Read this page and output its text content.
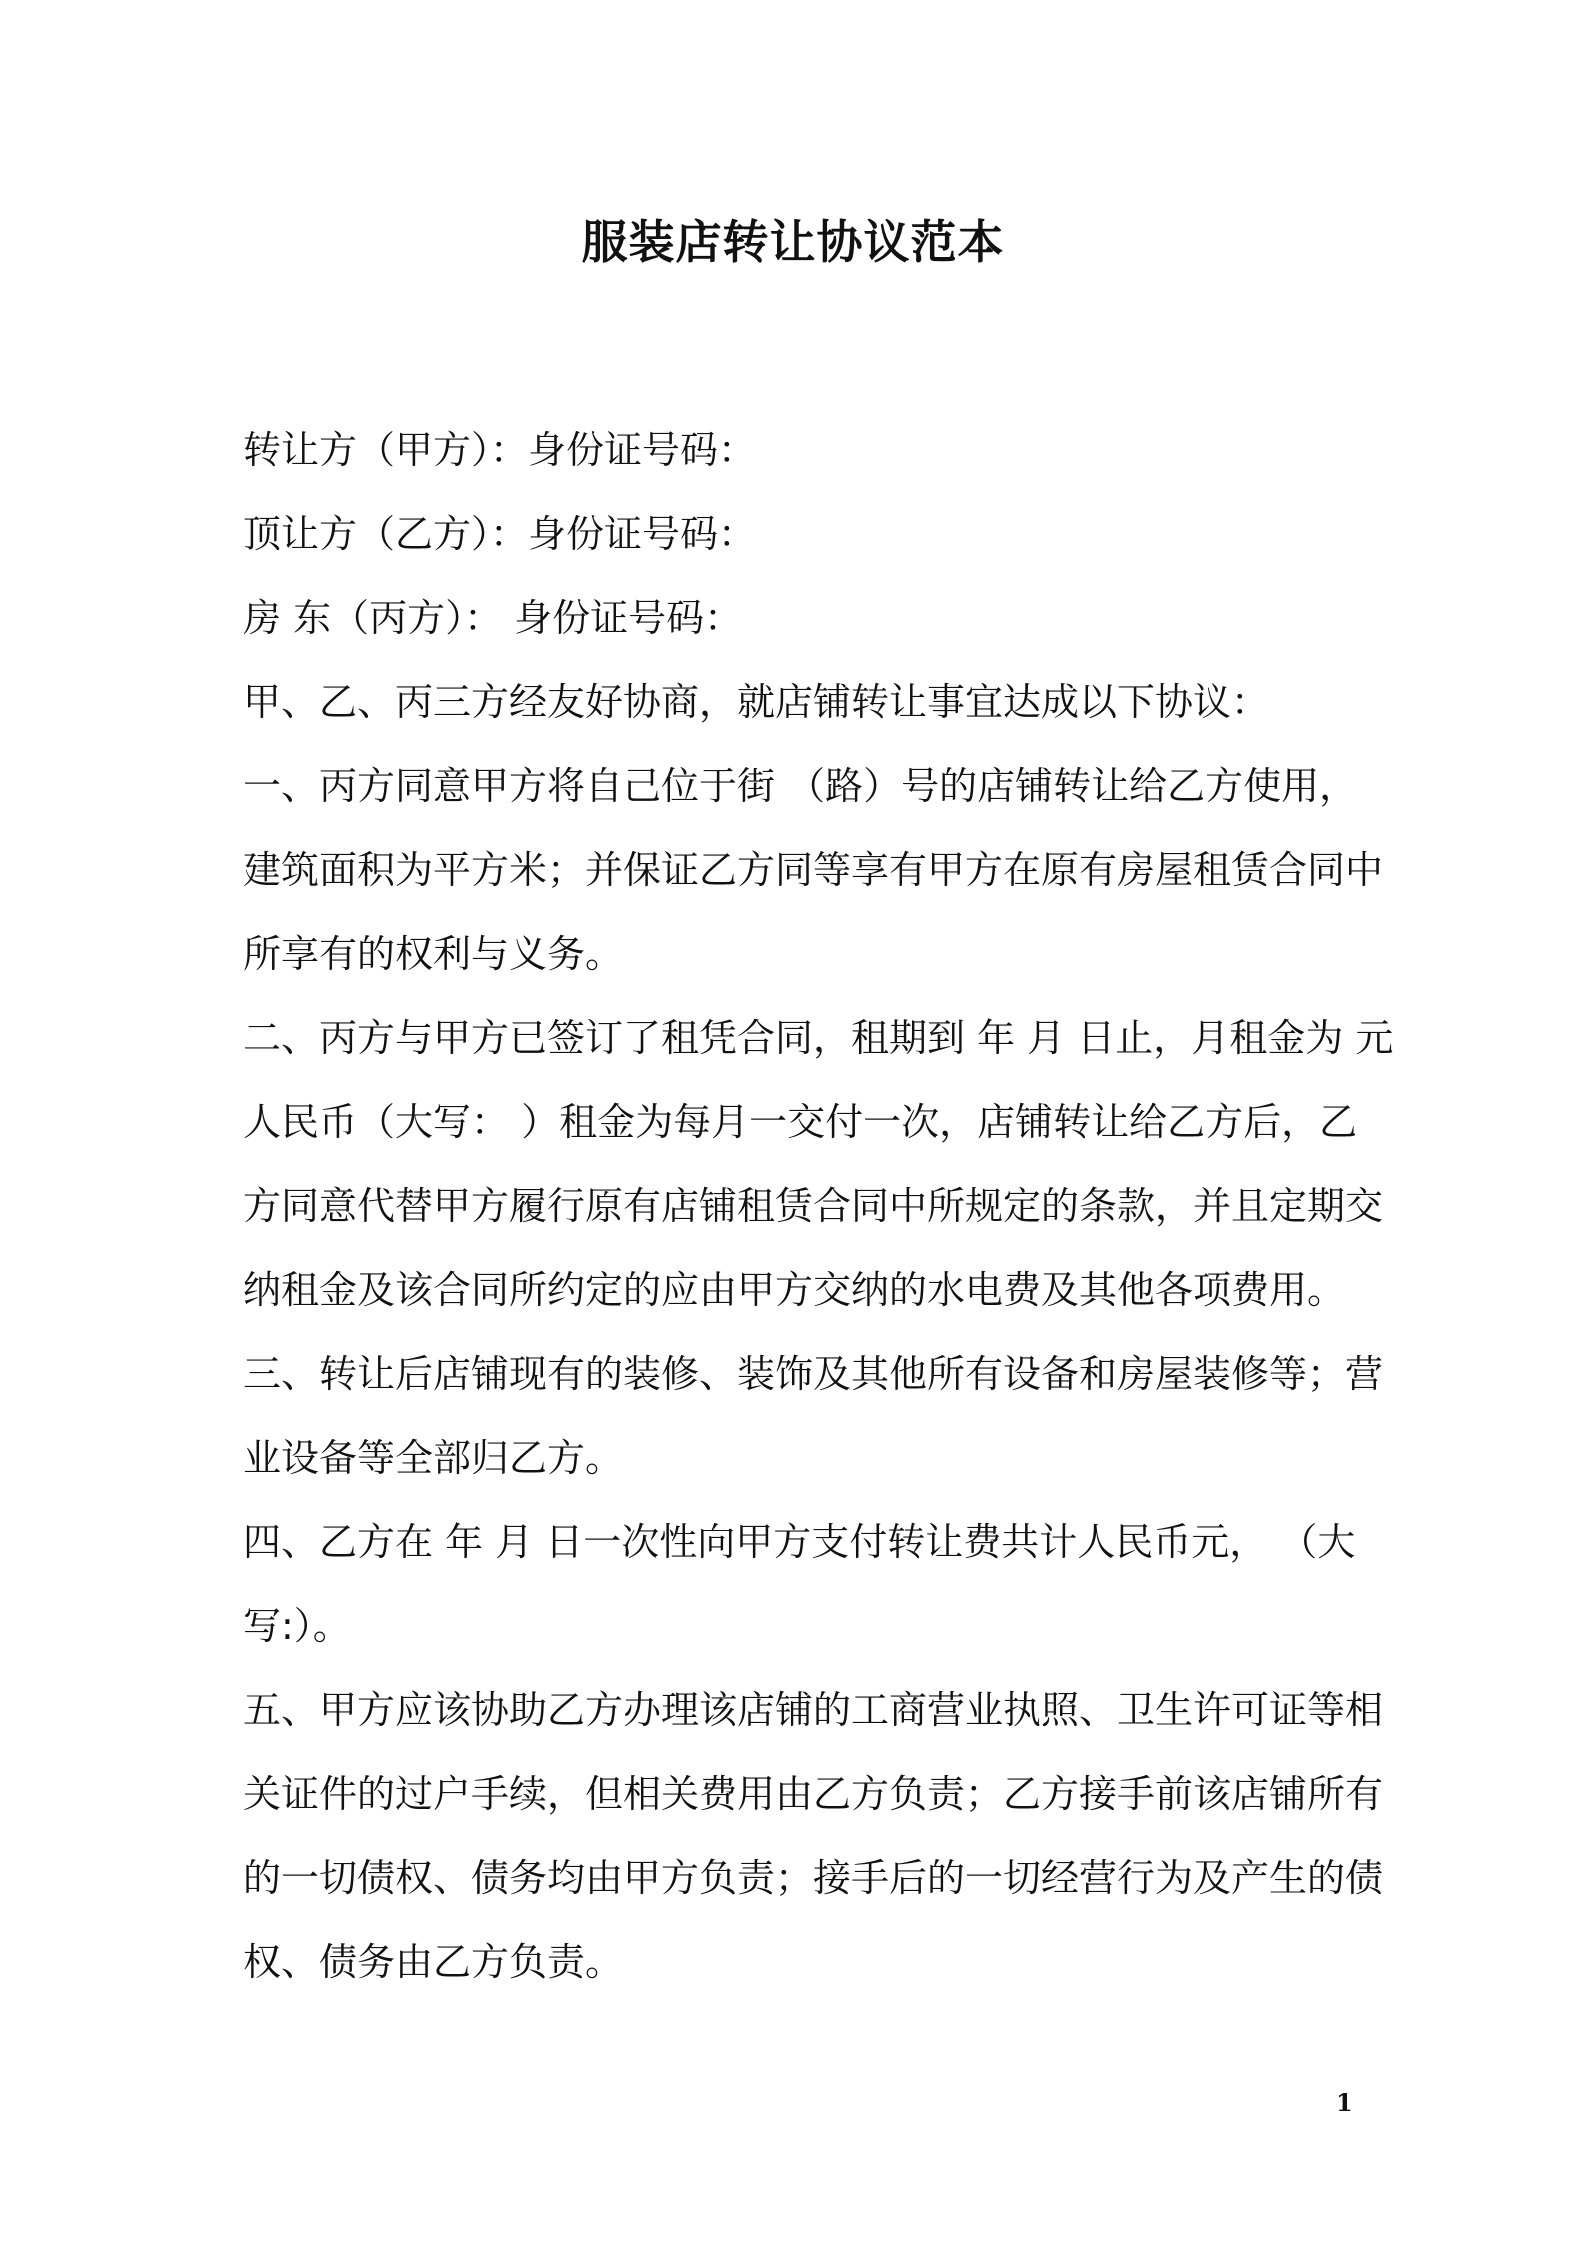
服装店转让协议范本
转让方（甲方）：身份证号码：
顶让方（乙方）：身份证号码：
房 东（丙方）： 身份证号码：
甲、乙、丙三方经友好协商，就店铺转让事宜达成以下协议：
一、丙方同意甲方将自己位于街 （路）号的店铺转让给乙方使用，
建筑面积为平方米；并保证乙方同等享有甲方在原有房屋租赁合同中
所享有的权利与义务。
二、丙方与甲方已签订了租凭合同，租期到 年 月 日止，月租金为 元
人民币（大写： ）租金为每月一交付一次，店铺转让给乙方后，乙
方同意代替甲方履行原有店铺租赁合同中所规定的条款，并且定期交
纳租金及该合同所约定的应由甲方交纳的水电费及其他各项费用。
三、转让后店铺现有的装修、装饰及其他所有设备和房屋装修等；营
业设备等全部归乙方。
四、乙方在 年 月 日一次性向甲方支付转让费共计人民币元， （大
写:）。
五、甲方应该协助乙方办理该店铺的工商营业执照、卫生许可证等相
关证件的过户手续，但相关费用由乙方负责；乙方接手前该店铺所有
的一切债权、债务均由甲方负责；接手后的一切经营行为及产生的债
权、债务由乙方负责。
1
